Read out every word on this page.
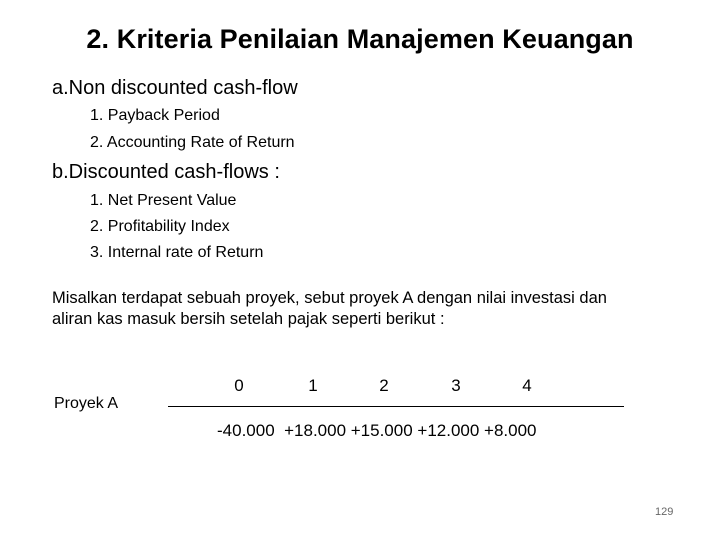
2. Kriteria Penilaian Manajemen Keuangan
a.Non discounted cash-flow
1. Payback Period
2. Accounting Rate of Return
b.Discounted cash-flows :
1. Net Present Value
2. Profitability Index
3. Internal rate of Return
Misalkan terdapat sebuah proyek, sebut proyek A dengan nilai investasi dan
aliran kas masuk bersih setelah pajak seperti berikut :
Proyek A
0	1	2	3	4
-40.000  +18.000 +15.000 +12.000 +8.000
129
